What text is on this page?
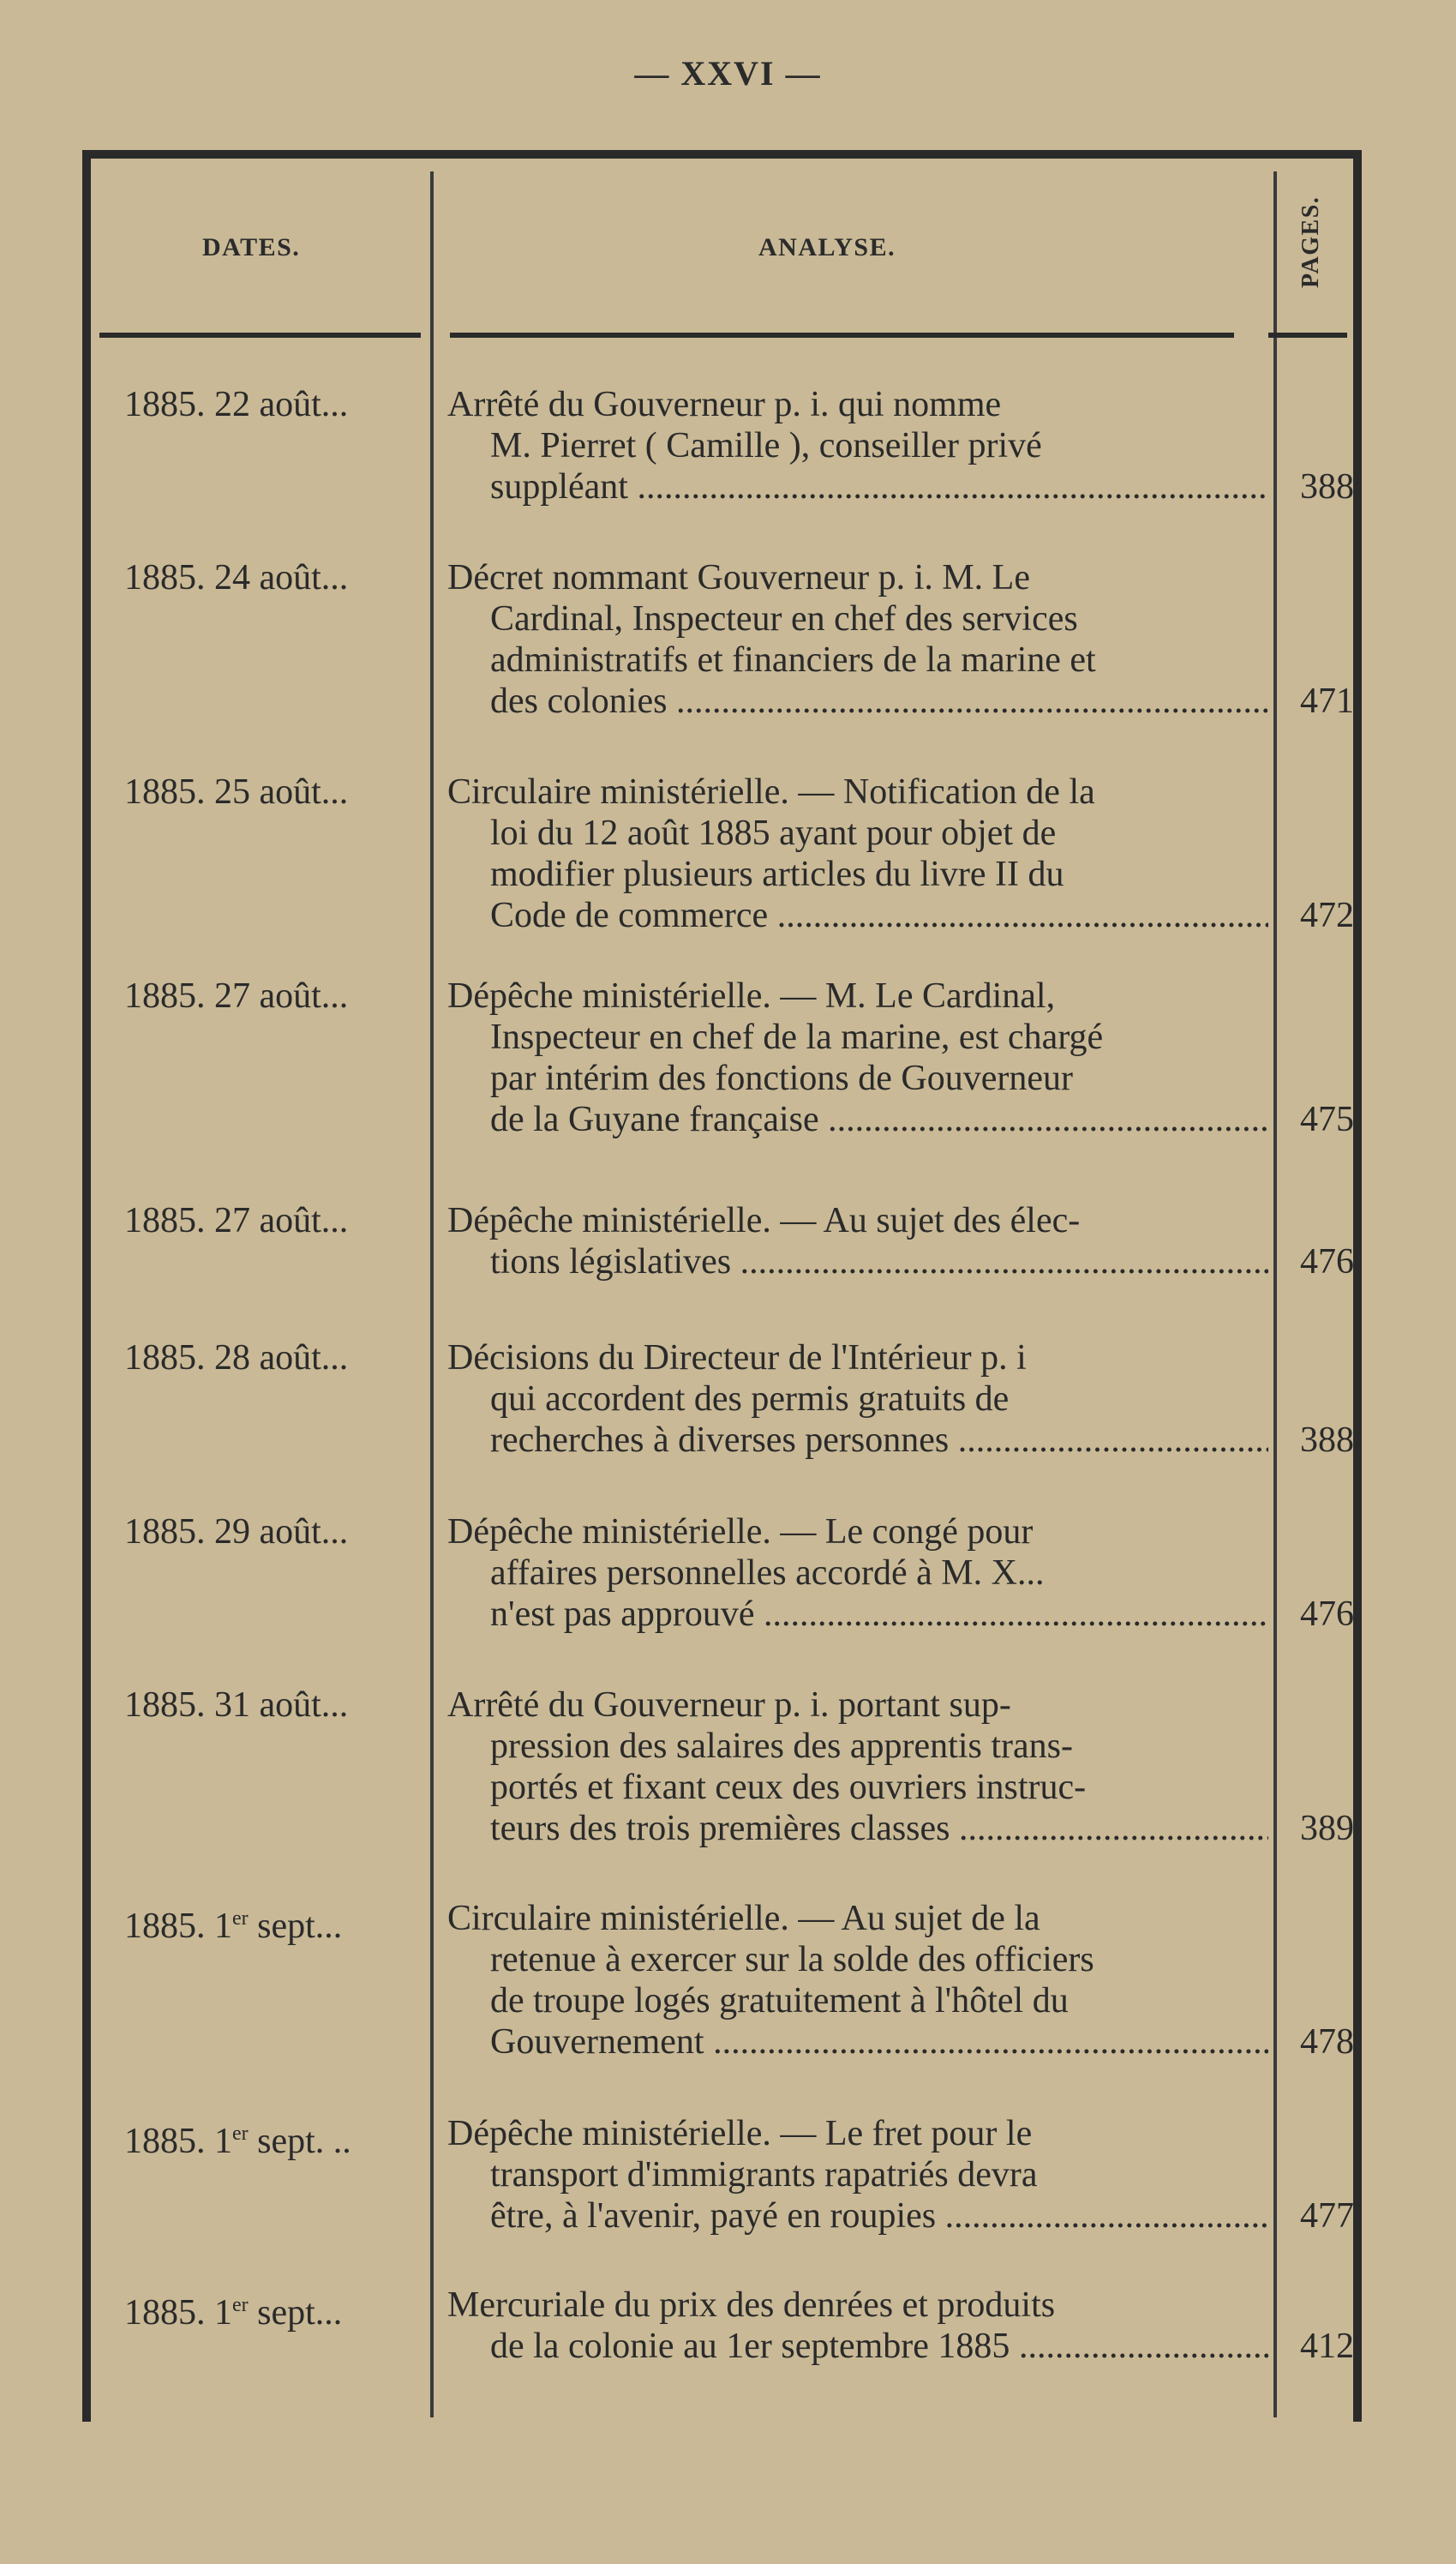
— XXVI —
DATES.	ANALYSE.	PAGES.
1885. 22 août...	Arrêté du Gouverneur p. i. qui nomme
M. Pierret ( Camille ), conseiller privé
suppléant .....	388
1885. 24 août...	Décret nommant Gouverneur p. i. M. Le
Cardinal, Inspecteur en chef des services
administratifs et financiers de la marine et
des colonies .....	471
1885. 25 août...	Circulaire ministérielle. — Notification de la
loi du 12 août 1885 ayant pour objet de
modifier plusieurs articles du livre II du
Code de commerce .....	472
1885. 27 août...	Dépêche ministérielle. — M. Le Cardinal,
Inspecteur en chef de la marine, est chargé
par intérim des fonctions de Gouverneur
de la Guyane française .....	475
1885. 27 août...	Dépêche ministérielle. — Au sujet des élec-
tions législatives .....	476
1885. 28 août...	Décisions du Directeur de l'Intérieur p. i
qui accordent des permis gratuits de
recherches à diverses personnes .....	388
1885. 29 août...	Dépêche ministérielle. — Le congé pour
affaires personnelles accordé à M. X...
n'est pas approuvé .....	476
1885. 31 août...	Arrêté du Gouverneur p. i. portant sup-
pression des salaires des apprentis trans-
portés et fixant ceux des ouvriers instruc-
teurs des trois premières classes .....	389
1885. 1er sept...	Circulaire ministérielle. — Au sujet de la
retenue à exercer sur la solde des officiers
de troupe logés gratuitement à l'hôtel du
Gouvernement .....	478
1885. 1er sept. ..	Dépêche ministérielle. — Le fret pour le
transport d'immigrants rapatriés devra
être, à l'avenir, payé en roupies .....	477
1885. 1er sept...	Mercuriale du prix des denrées et produits
de la colonie au 1er septembre 1885 .....	412
